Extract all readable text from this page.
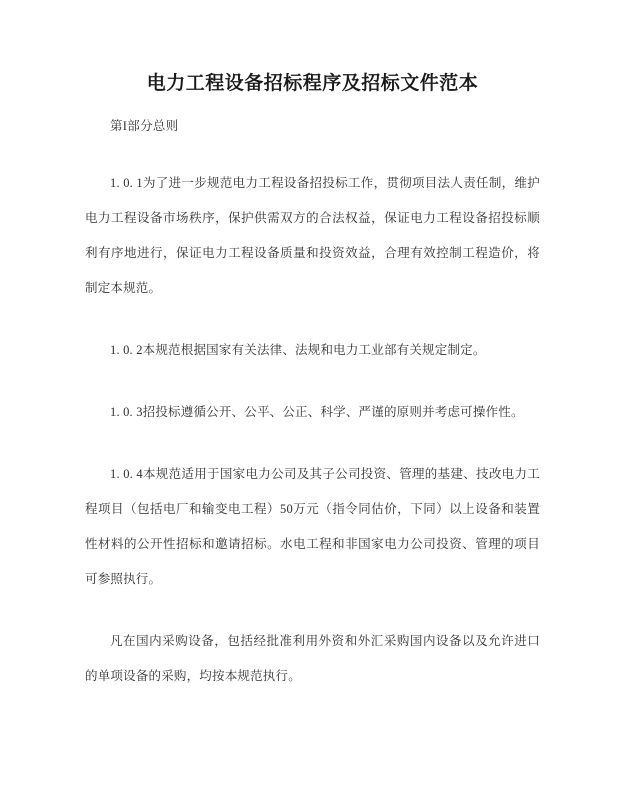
电力工程设备招标程序及招标文件范本
第I部分总则

1. 0. 1为了进一步规范电力工程设备招投标工作，贯彻项目法人责任制，维护电力工程设备市场秩序，保护供需双方的合法权益，保证电力工程设备招投标顺利有序地进行，保证电力工程设备质量和投资效益，合理有效控制工程造价，将制定本规范。

1. 0. 2本规范根据国家有关法律、法规和电力工业部有关规定制定。

1. 0. 3招投标遵循公开、公平、公正、科学、严谨的原则并考虑可操作性。

1. 0. 4本规范适用于国家电力公司及其子公司投资、管理的基建、技改电力工程项目（包括电厂和输变电工程）50万元（指令同估价，下同）以上设备和装置性材料的公开性招标和邀请招标。水电工程和非国家电力公司投资、管理的项目可参照执行。

凡在国内采购设备，包括经批准利用外资和外汇采购国内设备以及允许进口的单项设备的采购，均按本规范执行。
